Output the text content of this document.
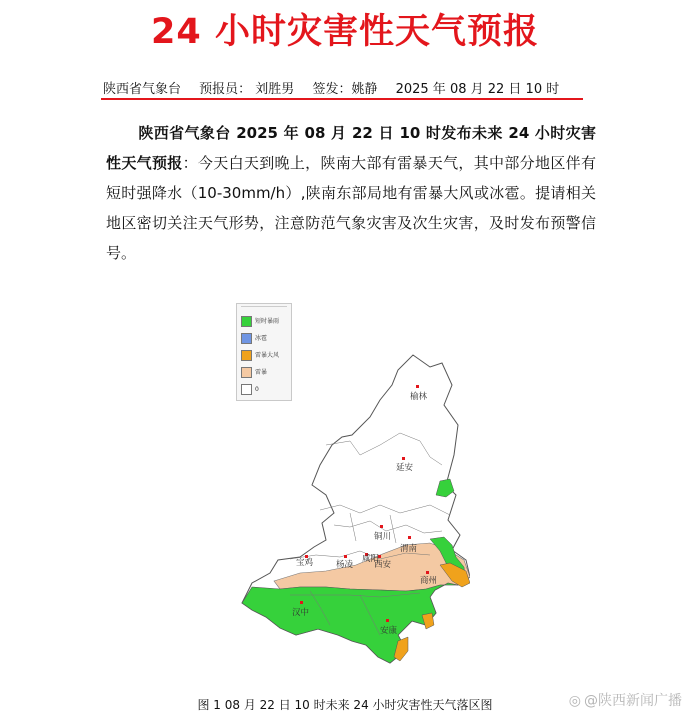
24 小时灾害性天气预报
陕西省气象台 预报员： 刘胜男 签发：姚静 2025 年 08 月 22 日 10 时
陕西省气象台 2025 年 08 月 22 日 10 时发布未来 24 小时灾害性天气预报：今天白天到晚上，陕南大部有雷暴天气，其中部分地区伴有短时强降水（10-30mm/h）,陕南东部局地有雷暴大风或冰雹。提请相关地区密切关注天气形势，注意防范气象灾害及次生灾害，及时发布预警信号。
短时暴雨
冰雹
雷暴大风
雷暴
0
榆林
延安
铜川
渭南
宝鸡	杨凌
咸阳
西安
商州
汉中
安康
图 1 08 月 22 日 10 时未来 24 小时灾害性天气落区图	◎ @陕西新闻广播
